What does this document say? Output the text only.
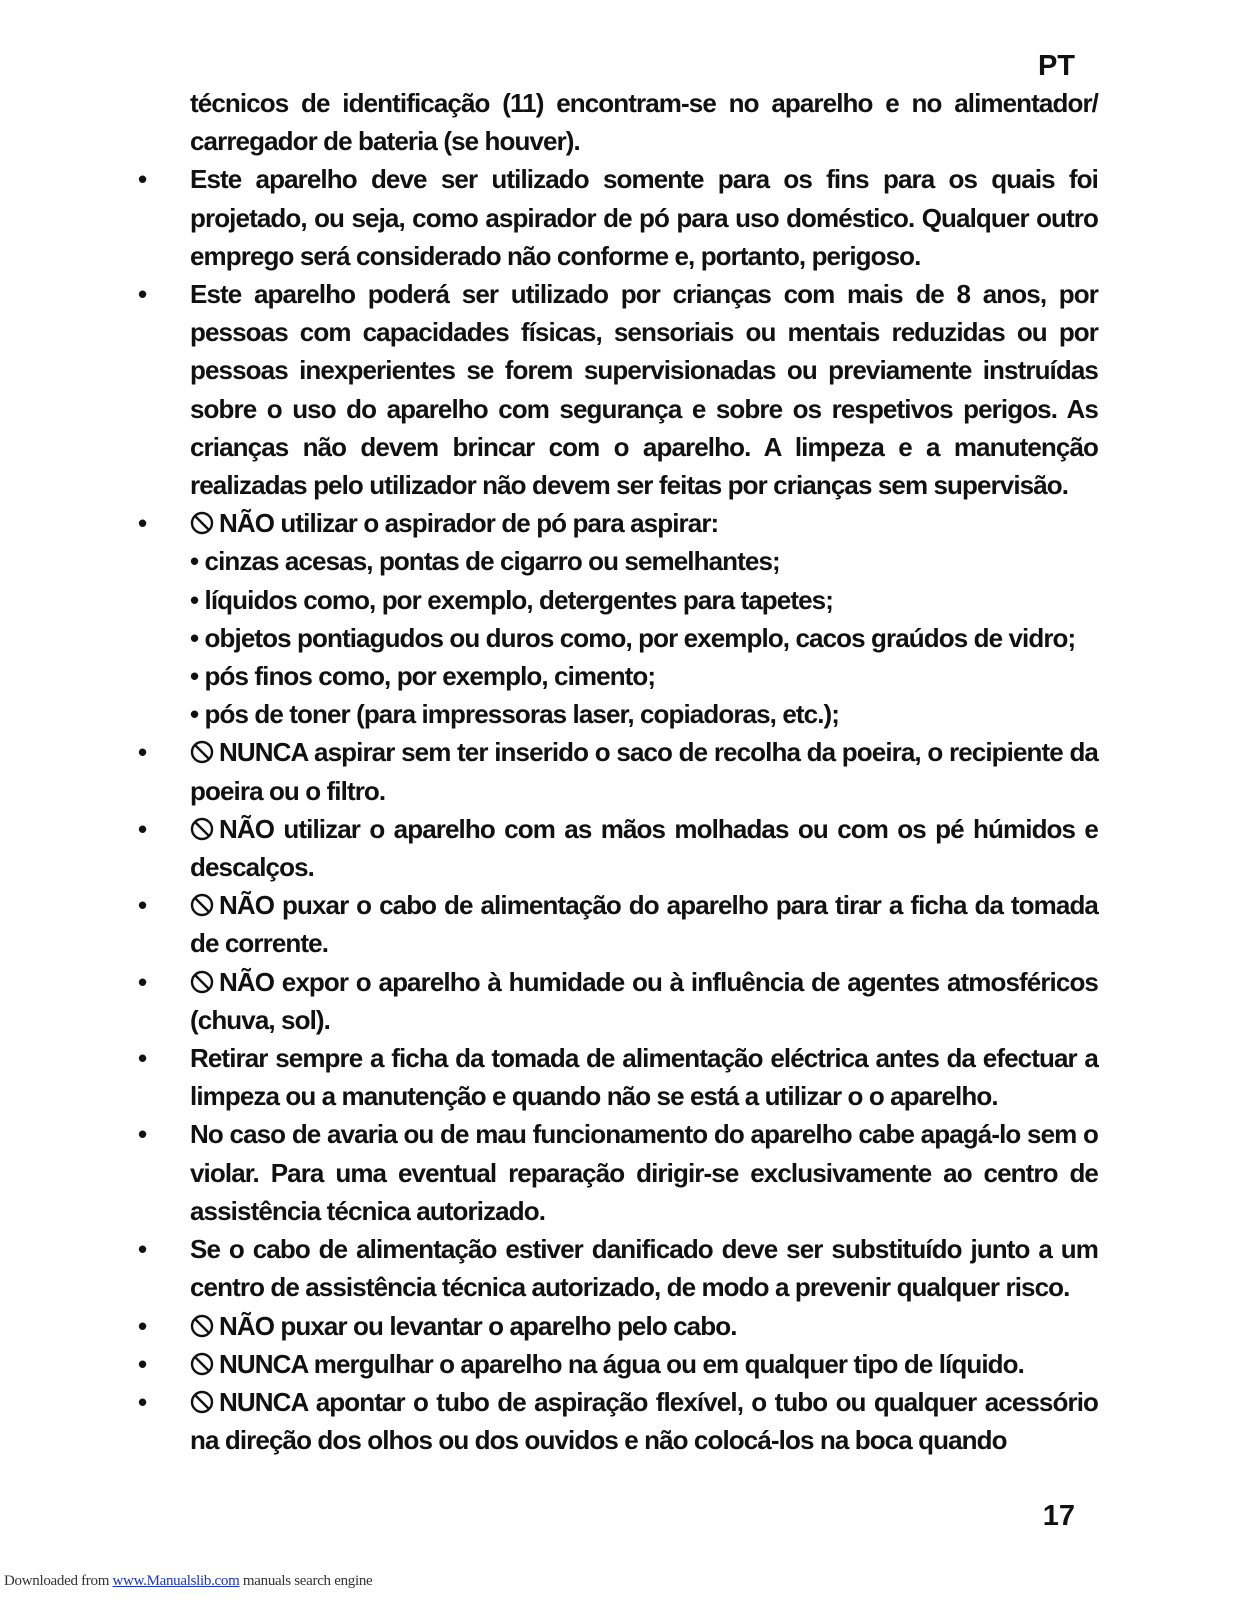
PT

técnicos de identificação (11) encontram-se no aparelho e no alimentador/ carregador de bateria (se houver).

•	Este aparelho deve ser utilizado somente para os fins para os quais foi projetado, ou seja, como aspirador de pó para uso doméstico. Qualquer outro emprego será considerado não conforme e, portanto, perigoso.
•	Este aparelho poderá ser utilizado por crianças com mais de 8 anos, por pessoas com capacidades físicas, sensoriais ou mentais reduzidas ou por pessoas inexperientes se forem supervisionadas ou previamente instruídas sobre o uso do aparelho com segurança e sobre os respetivos perigos. As crianças não devem brincar com o aparelho. A limpeza e a manutenção realizadas pelo utilizador não devem ser feitas por crianças sem supervisão.
•	NÃO utilizar o aspirador de pó para aspirar:
• cinzas acesas, pontas de cigarro ou semelhantes;
• líquidos como, por exemplo, detergentes para tapetes;
• objetos pontiagudos ou duros como, por exemplo, cacos graúdos de vidro;
• pós finos como, por exemplo, cimento;
• pós de toner (para impressoras laser, copiadoras, etc.);
•	NUNCA aspirar sem ter inserido o saco de recolha da poeira, o recipiente da poeira ou o filtro.
•	NÃO utilizar o aparelho com as mãos molhadas ou com os pé húmidos e descalços.
•	NÃO puxar o cabo de alimentação do aparelho para tirar a ficha da tomada de corrente.
•	NÃO expor o aparelho à humidade ou à influência de agentes atmosféricos (chuva, sol).
•	Retirar sempre a ficha da tomada de alimentação eléctrica antes da efectuar a limpeza ou a manutenção e quando não se está a utilizar o o aparelho.
•	No caso de avaria ou de mau funcionamento do aparelho cabe apagá-lo sem o violar. Para uma eventual reparação dirigir-se exclusivamente ao centro de assistência técnica autorizado.
•	Se o cabo de alimentação estiver danificado deve ser substituído junto a um centro de assistência técnica autorizado, de modo a prevenir qualquer risco.
•	NÃO puxar ou levantar o aparelho pelo cabo.
•	NUNCA mergulhar o aparelho na água ou em qualquer tipo de líquido.
•	NUNCA apontar o tubo de aspiração flexível, o tubo ou qualquer acessório na direção dos olhos ou dos ouvidos e não colocá-los na boca quando
17
Downloaded from www.Manualslib.com manuals search engine
